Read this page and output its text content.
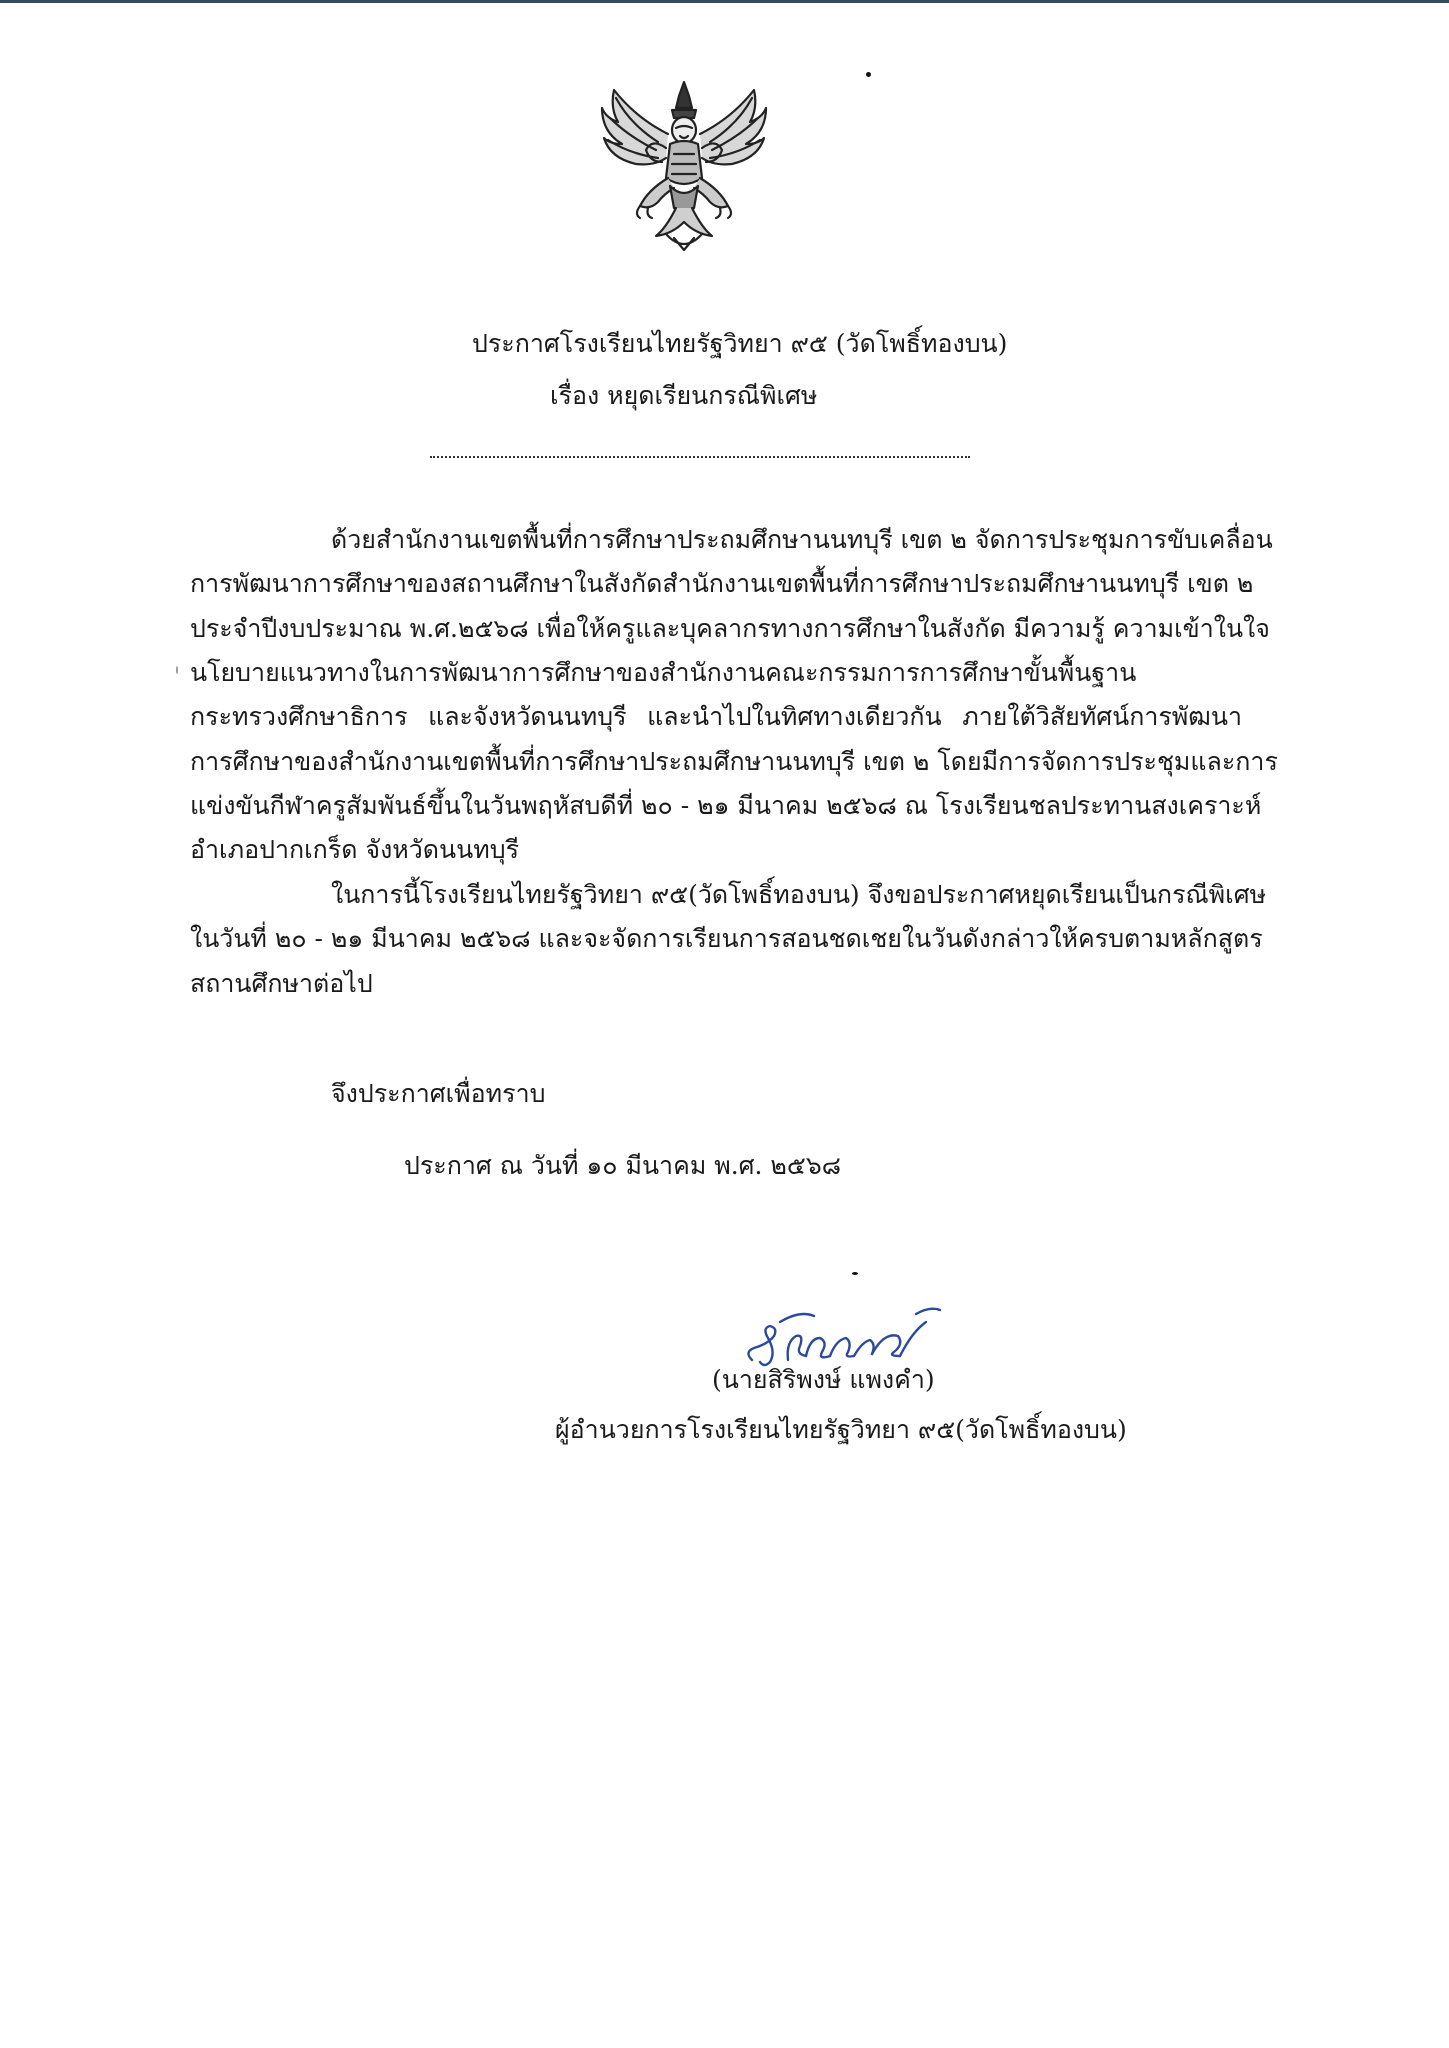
ประกาศโรงเรียนไทยรัฐวิทยา ๙๕ (วัดโพธิ์ทองบน)
เรื่อง หยุดเรียนกรณีพิเศษ
ด้วยสำนักงานเขตพื้นที่การศึกษาประถมศึกษานนทบุรี เขต ๒ จัดการประชุมการขับเคลื่อน
การพัฒนาการศึกษาของสถานศึกษาในสังกัดสำนักงานเขตพื้นที่การศึกษาประถมศึกษานนทบุรี เขต ๒
ประจำปีงบประมาณ พ.ศ.๒๕๖๘ เพื่อให้ครูและบุคลากรทางการศึกษาในสังกัด มีความรู้ ความเข้าในใจ
นโยบายแนวทางในการพัฒนาการศึกษาของสำนักงานคณะกรรมการการศึกษาขั้นพื้นฐาน
กระทรวงศึกษาธิการ และจังหวัดนนทบุรี และนำไปในทิศทางเดียวกัน ภายใต้วิสัยทัศน์การพัฒนา
การศึกษาของสำนักงานเขตพื้นที่การศึกษาประถมศึกษานนทบุรี เขต ๒ โดยมีการจัดการประชุมและการ
แข่งขันกีฬาครูสัมพันธ์ขึ้นในวันพฤหัสบดีที่ ๒๐ - ๒๑ มีนาคม ๒๕๖๘ ณ โรงเรียนชลประทานสงเคราะห์
อำเภอปากเกร็ด จังหวัดนนทบุรี
ในการนี้โรงเรียนไทยรัฐวิทยา ๙๕(วัดโพธิ์ทองบน) จึงขอประกาศหยุดเรียนเป็นกรณีพิเศษ
ในวันที่ ๒๐ - ๒๑ มีนาคม ๒๕๖๘ และจะจัดการเรียนการสอนชดเชยในวันดังกล่าวให้ครบตามหลักสูตร
สถานศึกษาต่อไป
จึงประกาศเพื่อทราบ
ประกาศ ณ วันที่ ๑๐ มีนาคม พ.ศ. ๒๕๖๘
(นายสิริพงษ์ แพงคำ)
ผู้อำนวยการโรงเรียนไทยรัฐวิทยา ๙๕(วัดโพธิ์ทองบน)
